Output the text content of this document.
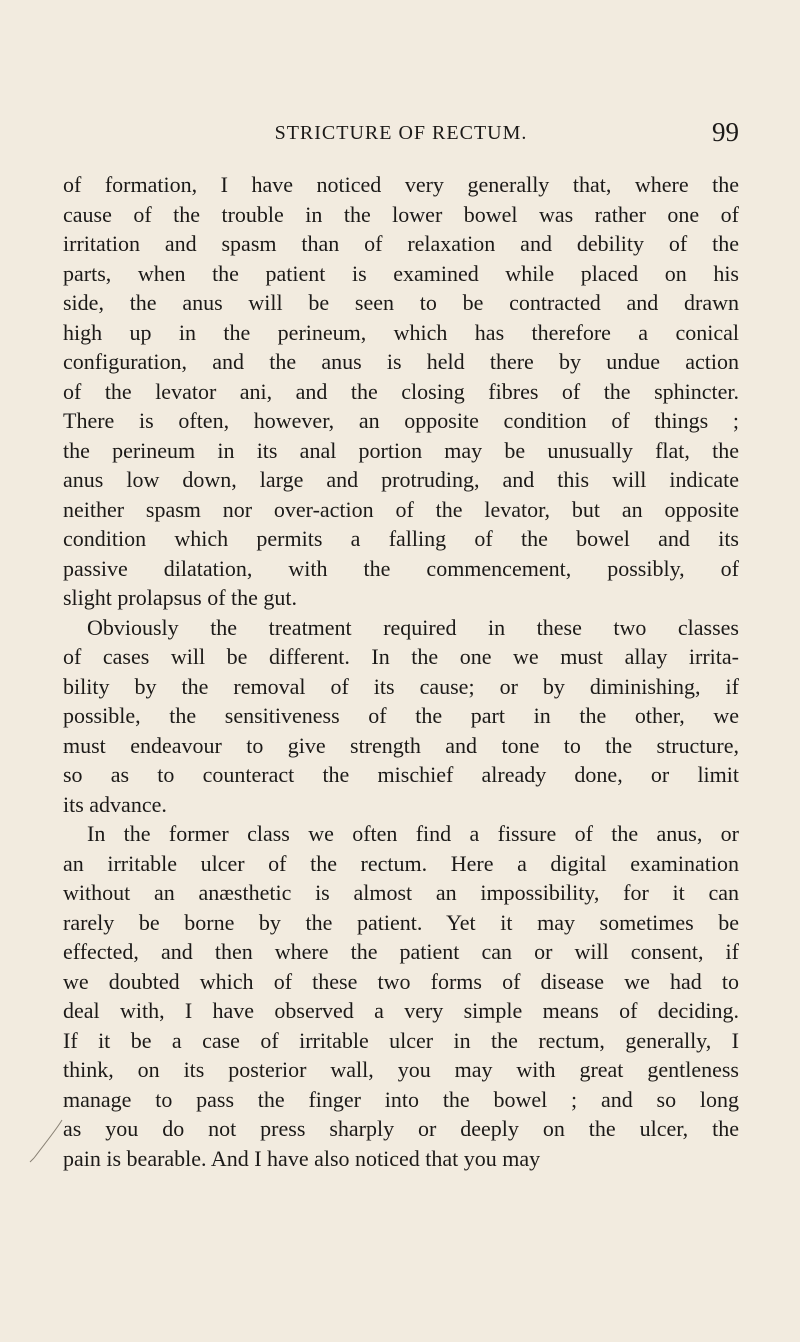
STRICTURE OF RECTUM.	99
of formation, I have noticed very generally that, where the
cause of the trouble in the lower bowel was rather one of
irritation and spasm than of relaxation and debility of the
parts, when the patient is examined while placed on his
side, the anus will be seen to be contracted and drawn
high up in the perineum, which has therefore a conical
configuration, and the anus is held there by undue action
of the levator ani, and the closing fibres of the sphincter.
There is often, however, an opposite condition of things ;
the perineum in its anal portion may be unusually flat, the
anus low down, large and protruding, and this will indicate
neither spasm nor over-action of the levator, but an opposite
condition which permits a falling of the bowel and its
passive dilatation, with the commencement, possibly, of
slight prolapsus of the gut.
Obviously the treatment required in these two classes
of cases will be different. In the one we must allay irrita-
bility by the removal of its cause; or by diminishing, if
possible, the sensitiveness of the part in the other, we
must endeavour to give strength and tone to the structure,
so as to counteract the mischief already done, or limit
its advance.
In the former class we often find a fissure of the anus, or
an irritable ulcer of the rectum. Here a digital examination
without an anæsthetic is almost an impossibility, for it can
rarely be borne by the patient. Yet it may sometimes be
effected, and then where the patient can or will consent, if
we doubted which of these two forms of disease we had to
deal with, I have observed a very simple means of deciding.
If it be a case of irritable ulcer in the rectum, generally, I
think, on its posterior wall, you may with great gentleness
manage to pass the finger into the bowel ; and so long
as you do not press sharply or deeply on the ulcer, the
pain is bearable. And I have also noticed that you may
